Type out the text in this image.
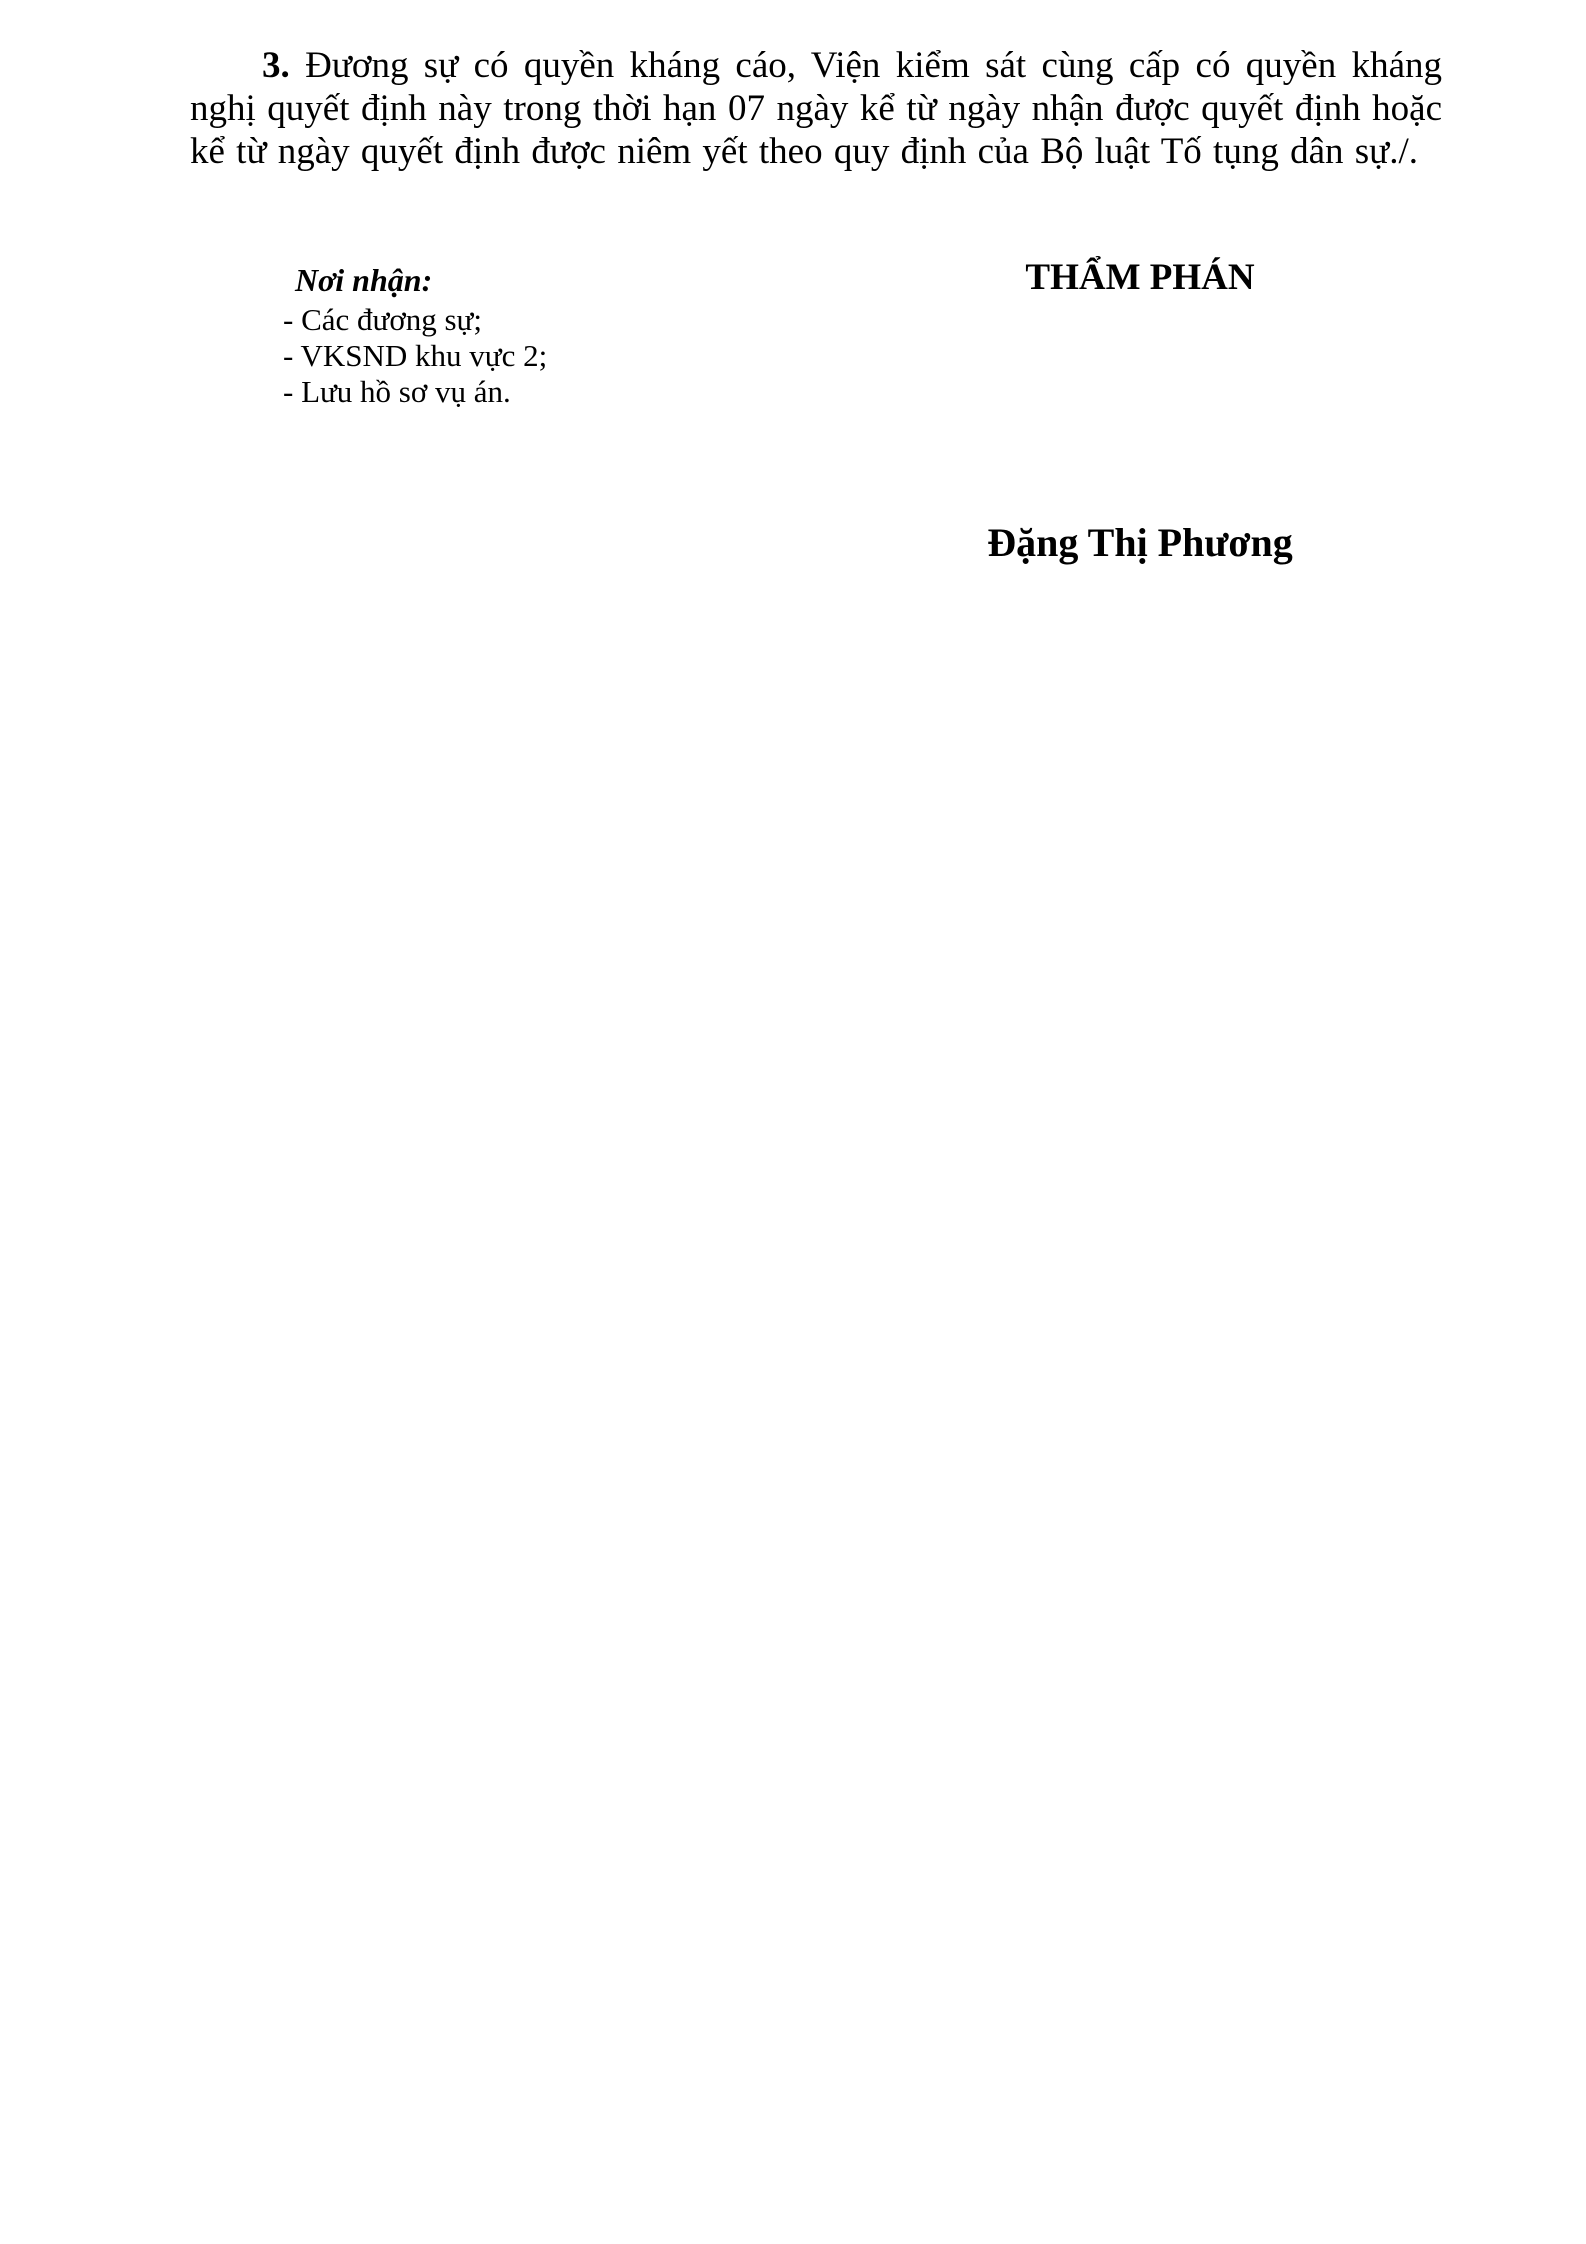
3. Đương sự có quyền kháng cáo, Viện kiểm sát cùng cấp có quyền kháng nghị quyết định này trong thời hạn 07 ngày kể từ ngày nhận được quyết định hoặc kể từ ngày quyết định được niêm yết theo quy định của Bộ luật Tố tụng dân sự./.

Nơi nhận:
- Các đương sự;
- VKSND khu vực 2;
- Lưu hồ sơ vụ án.
THẨM PHÁN
Đặng Thị Phương
